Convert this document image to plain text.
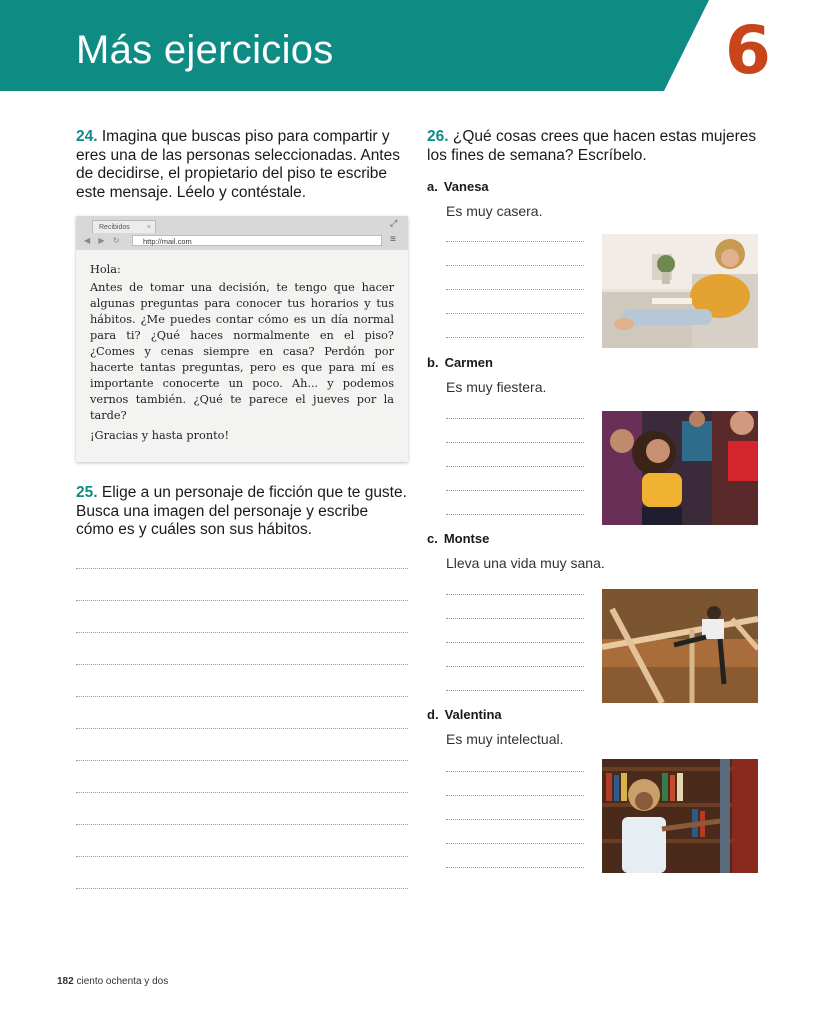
Más ejercicios	6
24. Imagina que buscas piso para compartir y eres una de las personas seleccionadas. Antes de decidirse, el propietario del piso te escribe este mensaje. Léelo y contéstale.
Recibidos ×	⤢
◀ ▶ ↻	http://mail.com	≡

Hola:

Antes de tomar una decisión, te tengo que hacer algunas preguntas para conocer tus horarios y tus hábitos. ¿Me puedes contar cómo es un día normal para ti? ¿Qué haces normalmente en el piso? ¿Comes y cenas siempre en casa? Perdón por hacerte tantas preguntas, pero es que para mí es importante conocerte un poco. Ah... y podemos vernos también. ¿Qué te parece el jueves por la tarde?

¡Gracias y hasta pronto!

25. Elige a un personaje de ficción que te guste. Busca una imagen del personaje y escribe cómo es y cuáles son sus hábitos.
26. ¿Qué cosas crees que hacen estas mujeres los fines de semana? Escríbelo.
a. Vanesa
Es muy casera.
b. Carmen
Es muy fiestera.
c. Montse
Lleva una vida muy sana.
d. Valentina
Es muy intelectual.
182 ciento ochenta y dos
